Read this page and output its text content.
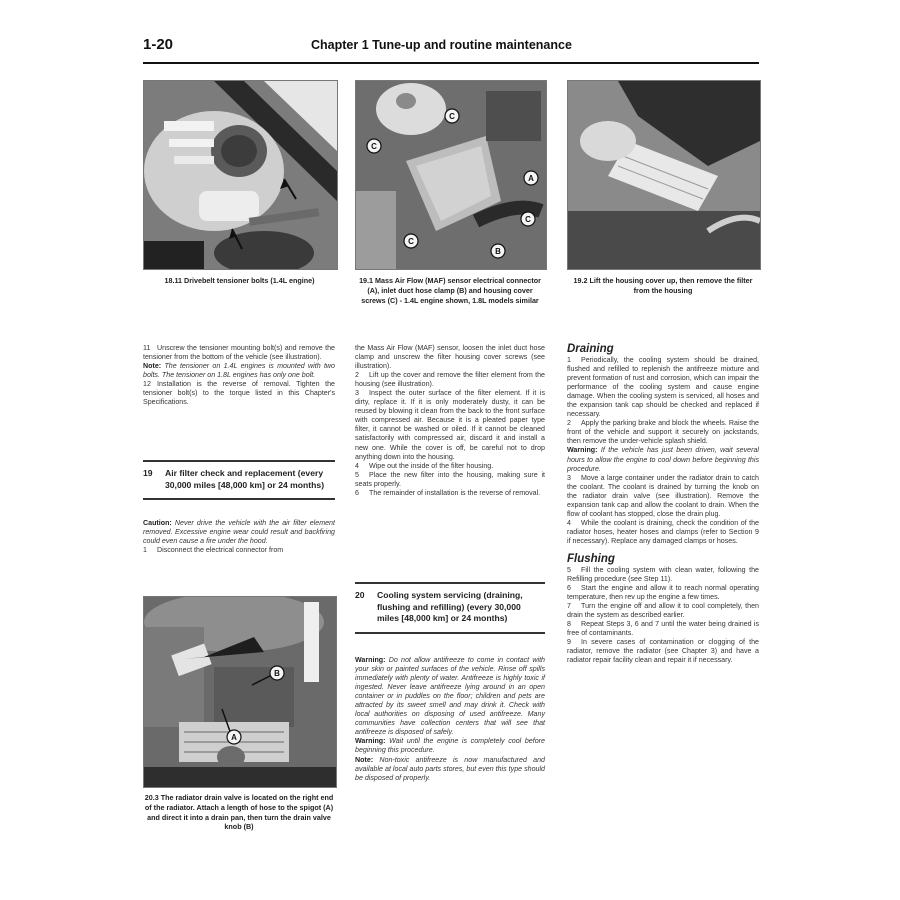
1-20	Chapter 1 Tune-up and routine maintenance
18.11 Drivebelt tensioner bolts (1.4L engine)
C
C
A
C
C
B
19.1 Mass Air Flow (MAF) sensor electrical connector (A), inlet duct hose clamp (B) and housing cover screws (C) - 1.4L engine shown, 1.8L models similar
19.2 Lift the housing cover up, then remove the filter from the housing

11 Unscrew the tensioner mounting bolt(s) and remove the tensioner from the bottom of the vehicle (see illustration).

Note: The tensioner on 1.4L engines is mounted with two bolts. The tensioner on 1.8L engines has only one bolt.

12 Installation is the reverse of removal. Tighten the tensioner bolt(s) to the torque listed in this Chapter's Specifications.

19 Air filter check and replacement (every 30,000 miles [48,000 km] or 24 months)

Caution: Never drive the vehicle with the air filter element removed. Excessive engine wear could result and backfiring could even cause a fire under the hood.

1 Disconnect the electrical connector from

B
A
20.3 The radiator drain valve is located on the right end of the radiator. Attach a length of hose to the spigot (A) and direct it into a drain pan, then turn the drain valve knob (B)

the Mass Air Flow (MAF) sensor, loosen the inlet duct hose clamp and unscrew the filter housing cover screws (see illustration).

2 Lift up the cover and remove the filter element from the housing (see illustration).

3 Inspect the outer surface of the filter element. If it is dirty, replace it. If it is only moderately dusty, it can be reused by blowing it clean from the back to the front surface with compressed air. Because it is a pleated paper type filter, it cannot be washed or oiled. If it cannot be cleaned satisfactorily with compressed air, discard it and install a new one. While the cover is off, be careful not to drop anything down into the housing.

4 Wipe out the inside of the filter housing.

5 Place the new filter into the housing, making sure it seats properly.

6 The remainder of installation is the reverse of removal.

20 Cooling system servicing (draining, flushing and refilling) (every 30,000 miles [48,000 km] or 24 months)

Warning: Do not allow antifreeze to come in contact with your skin or painted surfaces of the vehicle. Rinse off spills immediately with plenty of water. Antifreeze is highly toxic if ingested. Never leave antifreeze lying around in an open container or in puddles on the floor; children and pets are attracted by its sweet smell and may drink it. Check with local authorities on disposing of used antifreeze. Many communities have collection centers that will see that antifreeze is disposed of safely.

Warning: Wait until the engine is completely cool before beginning this procedure.

Note: Non-toxic antifreeze is now manufactured and available at local auto parts stores, but even this type should be disposed of properly.

Draining

1 Periodically, the cooling system should be drained, flushed and refilled to replenish the antifreeze mixture and prevent formation of rust and corrosion, which can impair the performance of the cooling system and cause engine damage. When the cooling system is serviced, all hoses and the expansion tank cap should be checked and replaced if necessary.

2 Apply the parking brake and block the wheels. Raise the front of the vehicle and support it securely on jackstands, then remove the under-vehicle splash shield.

Warning: If the vehicle has just been driven, wait several hours to allow the engine to cool down before beginning this procedure.

3 Move a large container under the radiator drain to catch the coolant. The coolant is drained by turning the knob on the radiator drain valve (see illustration). Remove the expansion tank cap and allow the coolant to drain. When the flow of coolant has stopped, close the drain plug.

4 While the coolant is draining, check the condition of the radiator hoses, heater hoses and clamps (refer to Section 9 if necessary). Replace any damaged clamps or hoses.

Flushing

5 Fill the cooling system with clean water, following the Refilling procedure (see Step 11).

6 Start the engine and allow it to reach normal operating temperature, then rev up the engine a few times.

7 Turn the engine off and allow it to cool completely, then drain the system as described earlier.

8 Repeat Steps 3, 6 and 7 until the water being drained is free of contaminants.

9 In severe cases of contamination or clogging of the radiator, remove the radiator (see Chapter 3) and have a radiator repair facility clean and repair it if necessary.
